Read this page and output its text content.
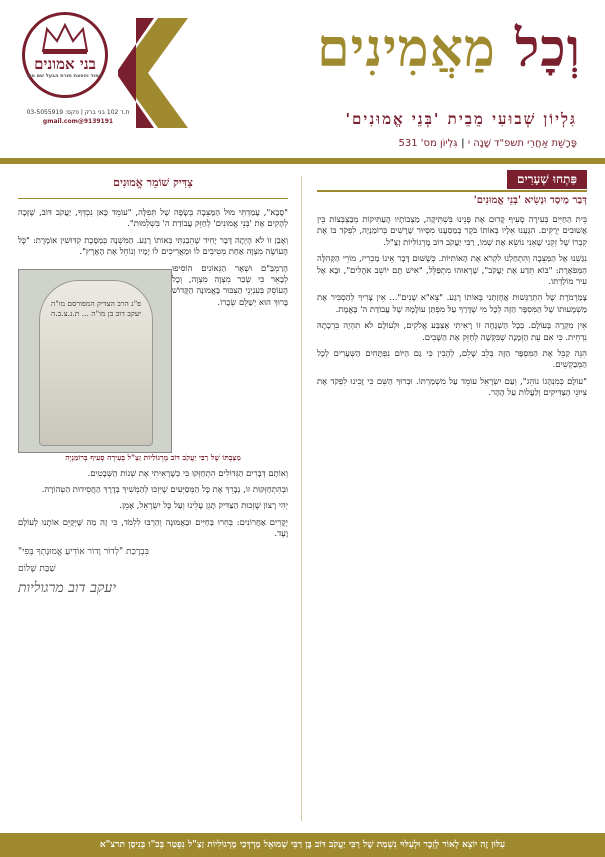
בני אמונים
לימוד והפצת תורת הבעל שם טוב
ת.ד 102 בני ברק | פקס: 03-5055919
9139191@gmail.com
וְכָל מַאֲמִינִים
גִּלְיוֹן שְׁבוּעִי מֵבֵית 'בְּנֵי אֱמוּנִים'
פָּרָשַׁת אַחֲרֵי תשפ"ד שָׁנָה י | גִּלְיוֹן מס' 531
פַּתְחוּ שְׁעָרִים
דְּבַר מַיסַד וּנְשִׂיא 'בְּנֵי אֱמוּנִים'

בֵּית הַחַיִּים בְּעִירָה סָעִיף קָדוּם אֶת פָּנֵינוּ בִּשְׁתִּיקָה, מַצְבוֹתָיו הָעַתִּיקוֹת מְבַצְבְּצוֹת בֵּין אֲשׁוּבִים יְרֻקִּים. הִגַּעְנוּ אֵלָיו בְּאוֹתוֹ בֹּקֶר בְּמַסְעָנוּ מִסְּיוּר שָׁרָשִׁים בְּרוֹמַנְיָה, לִפְקֹד בּוֹ אֶת קִבְרוֹ שֶׁל זְקֵנִי שֶׁאֵנִי נוֹשֵׂא אֶת שְׁמוֹ, רַבִּי יַעֲקֹב דּוֹב מָרְגוֹלִיוֹת זַצַ"ל.

נִגַּשְׁנוּ אֶל הַמַּצֵּבָה וְהִתְחַלְנוּ לִקְרֹא אֶת הָאוֹתִיּוֹת. כְּשֶׁשּׁוּם דָּבָר אֵינוֹ מַכְרִיז, מוֹרֵי הַקְּהִלָּה הַמְּפֹאֶרֶת: "בּוֹא תֵּדַע אֶת יַעֲקֹב", שֶׁרָאוּהוּ מִתְפַּלֵּל, "אִישׁ תָּם יוֹשֵׁב אֹהָלִים", וּבָא אֶל עִיר מוֹלַדְתּוֹ.

צָמַרְמֹרֶת שֶׁל הִתְרַגְּשׁוּת אֲחָזַתְנִי בְּאוֹתוֹ רֶגַע. "צֵא"א שָׁנִים"... אֵין צָרִיךְ לְהַסְבִּיר אֶת מַשְׁמָעוּתוֹ שֶׁל הַמִּסְפָּר הַזֶּה לְכָל מִי שֶׁדָּרַךְ עַל מִפְתַּן עוֹלָמָהּ שֶׁל עֲבוֹדַת ה' בָּאֱמֶת.

אֵין מִקְרֶה בָּעוֹלָם. בְּכָל הַשְׁגָּחָה זוֹ רָאִיתִי אֶצְבַּע אֱלֹקִים, וּלְעוֹלָם לֹא תִהְיֶה בִּרְכָתָהּ נִדְחֵית. כִּי אִם עֵת הַזְּמָנָה שֶׁבִּקְּשָׁה לְחַזֵּק אֶת הַשָּׁבִים.

הִנֵּה קַבֵּל אֶת הַמִּסְפָּר הַזֶּה בְּלֵב שָׁלֵם, לְהָבִין כִּי גַם הַיּוֹם נִפְתָּחִים הַשְּׁעָרִים לְכָל הַמְּבַקְשִׁים.

"עוֹלָם כְּמִנְהָגוֹ נוֹהֵג", וְעַם יִשְׂרָאֵל עוֹמֵד עַל מִשְׁמַרְתּוֹ. וּבְרוּךְ הַשֵּׁם כִּי זָכִינוּ לִפְקֹד אֶת צִיּוּנֵי הַצַּדִּיקִים וְלַעֲלוֹת עַל הָהָר.

צַדִּיק שׁוֹמֵר אֱמוּנִים

"סָבָא", עָמַדְתִּי מוּל הַמַּצֵּבָה בְּשָׂפָה שֶׁל תְּפִלָּה, "עוֹמֵד כָּאן נִכְדְּךָ, יַעֲקֹב דּוֹב, שֶׁזָּכָה לְהָקִים אֶת 'בְּנֵי אֱמוּנִים' לְחַזֵּק עֲבוֹדַת ה' בִּשְׁלֵמוּת".

וְאָבַן זוֹ לֹא הָיְתָה דָּבָר יָחִיד שֶׁהֵבַנְתִּי בְּאוֹתוֹ רֶגַע. הַמִּשְׁנָה בְּמַסֶּכֶת קִדּוּשִׁין אוֹמֶרֶת: "כָּל הָעוֹשֶׂה מִצְוָה אַחַת מְטִיבִים לוֹ וּמַאֲרִיכִים לוֹ יָמָיו וְנוֹחֵל אֶת הָאָרֶץ".

פ"נ הרב הצדיק המפורסם מו"ה יעקב דוב בן מו"ה ... ת.נ.צ.ב.ה

הָרַמְבַּ"ם וּשְׁאָר הַגְּאוֹנִים הוֹסִיפוּ לְבָאֵר כִּי שְׂכַר מִצְוָה מִצְוָה, וְכָל הָעוֹסֵק בְּעִנְיְנֵי הַצִּבּוּר בֶּאֱמוּנָה הַקָּדוֹשׁ בָּרוּךְ הוּא יְשַׁלֵּם שְׂכָרוֹ.

מַצַּבְתּוֹ שֶׁל רַבִּי יַעֲקֹב דּוֹב מָרְגוֹלִיוֹת זַצַ"ל בְּעִירָה סָעִיף בְּרוֹמַנְיָה

וְאוֹתָם דְּבָרִים הַגְּדוֹלִים הִתְחַזְּקוּ בִּי כְּשֶׁרָאִיתִי אֶת שְׁנוֹת הַשְּׁבָטִים.

וּבְהִתְחַזְּקוּת זוֹ, נְבָרֵךְ אֶת כָּל הַמְּסַיְּעִים שֶׁיִּזְכּוּ לְהַמְשִׁיךְ בְּדֶרֶךְ הַחֲסִידוּת הַטְּהוֹרָה.

יְהִי רָצוֹן שֶׁזְּכוּת הַצַּדִּיק תָּגֵן עָלֵינוּ וְעַל כָּל יִשְׂרָאֵל, אָמֵן.

יְקָרִים אַחֲרוֹנִים: בְּחִרוּ בַּחַיִּים וּבַאֲמוּנָה וְהַרְבּוּ לִלְמֹד, כִּי זֶה מַה שֶּׁיְּקַיֵּם אוֹתָנוּ לְעוֹלָם וָעֶד.

בִּבְרָכַת "לְדוֹר וָדוֹר אוֹדִיעַ אֱמוּנָתְךָ בְּפִי"
שַׁבַּת שָׁלוֹם
יעקב דוב מרגוליות
עִלּוּן זֶה יוֹצֵא לְאוֹר לְזֵכֶר וּלְעִלּוּי נִשְׁמַת שֶׁל רַבִּי יַעֲקֹב דּוֹב בֶּן רַבִּי שְׁמוּאֵל מָרְדְּכַי מָרְגוֹלִיוֹת זַצַ"ל נִפְטַר בְּכ"ו בְּנִיסָן תרצ"א
